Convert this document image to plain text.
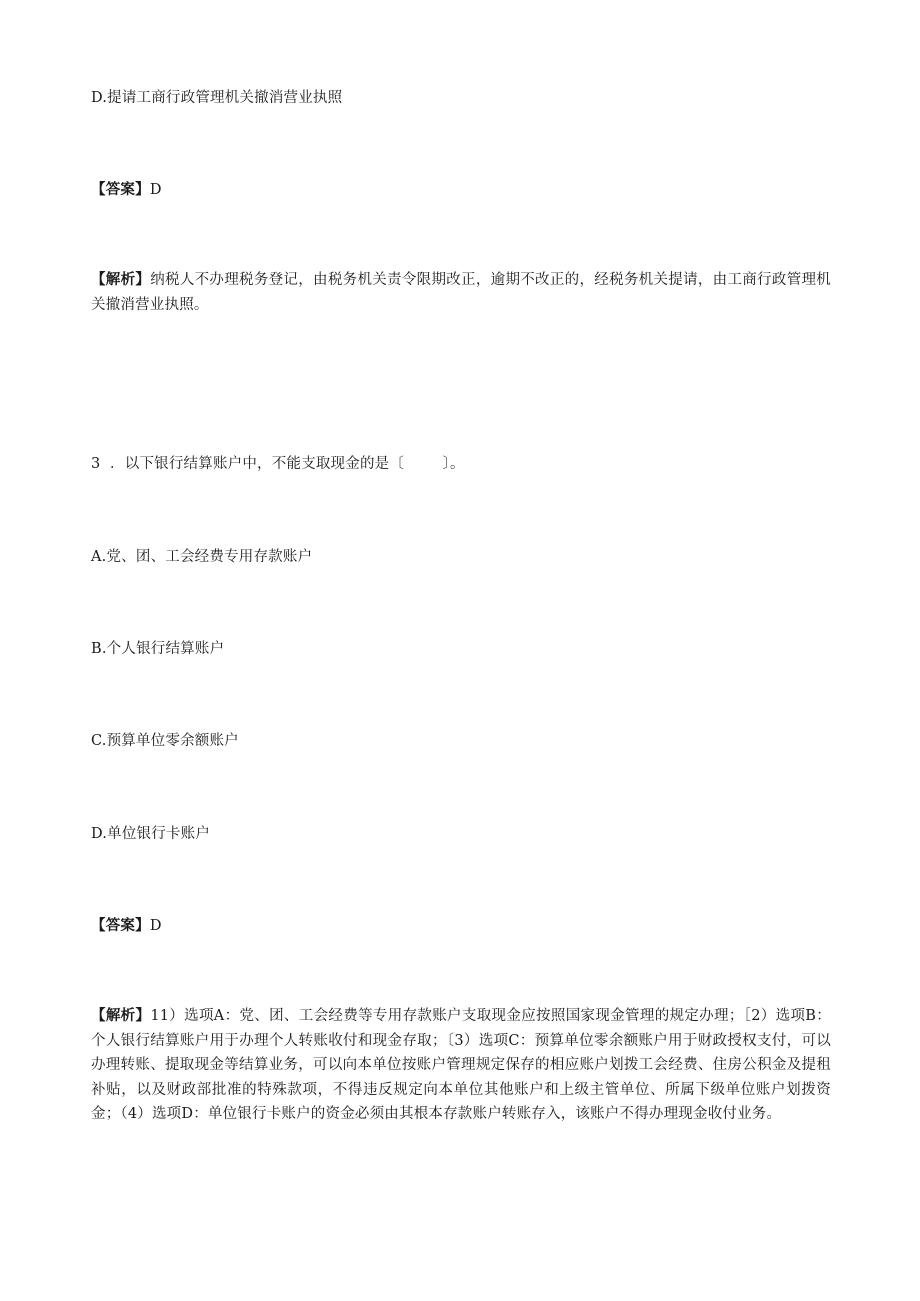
D.提请工商行政管理机关撤消营业执照
【答案】D
【解析】纳税人不办理税务登记，由税务机关责令限期改正，逾期不改正的，经税务机关提请，由工商行政管理机关撤消营业执照。
3  ．以下银行结算账户中，不能支取现金的是〔        〕。
A.党、团、工会经费专用存款账户
B.个人银行结算账户
C.预算单位零余额账户
D.单位银行卡账户
【答案】D
【解析】11）选项A：党、团、工会经费等专用存款账户支取现金应按照国家现金管理的规定办理；［2）选项B：个人银行结算账户用于办理个人转账收付和现金存取；〔3）选项C：预算单位零余额账户用于财政授权支付，可以办理转账、提取现金等结算业务，可以向本单位按账户管理规定保存的相应账户划拨工会经费、住房公积金及提租补贴，以及财政部批准的特殊款项，不得违反规定向本单位其他账户和上级主管单位、所属下级单位账户划拨资金；（4）选项D：单位银行卡账户的资金必须由其根本存款账户转账存入，该账户不得办理现金收付业务。
